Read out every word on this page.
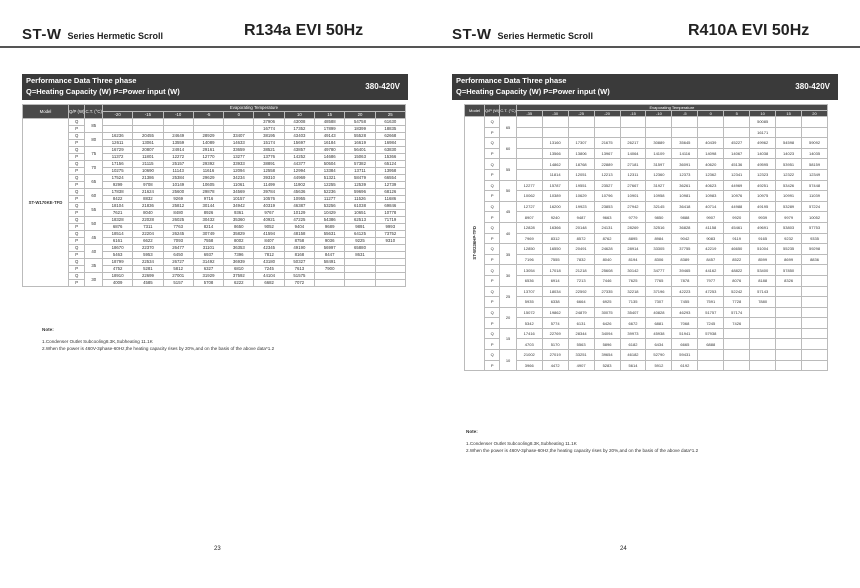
ST-W Series Hermetic Scroll	R134a EVI 50Hz
Performance Data Three phase
Q=Heating Capacity (W) P=Power input (W)
380-420V
Model	Q/P (W)	C.T. (°C)	Evaporating Temperature									
			-20	-15	-10	-5	0	5	10	15	20	25
ST-W170KE-TFD	Q	85						37906	43008	48588	54758	61630
	P							16774	17352	17899	18399	18835
	Q	80	16236	20455	24649	28929	33407	38195	43403	49143	55528	62668
	P		12611	13061	13559	14089	14633	15174	15697	16184	16619	16984
	Q	75	16729	20807	24914	29161	33659	38521	43857	49780	56401	63830
	P		11372	11801	12272	12770	13277	13776	14252	14686	15063	15366
	Q	70	17156	21115	25157	29392	33933	38891	44377	50504	57382	65124
	P		10275	10690	11143	11616	12094	12558	12994	13384	13711	13958
	Q	65	17524	21386	25384	29629	34234	39310	44969	51321	58479	66554
	P		9299	9708	10149	10605	11061	11499	11902	12255	12539	12739
	Q	60	17838	21624	25600	29878	34569	39784	45636	52236	59696	68126
	P		8422	8832	9269	9716	10157	10576	10955	11277	11526	11686
	Q	55	18104	21836	25812	30144	34942	40319	46387	53256	61038	69846
	P		7621	8040	8480	8926	9361	9767	10129	10429	10651	10778
	Q	50	18328	22028	26025	30432	35360	40921	47225	54386	62513	71719
	P		6876	7311	7763	8214	8650	9052	9404	9689	9891	9993
	Q	45	18514	22204	26245	30749	35829	41594	48158	55631	64125	73752
	P		6161	6622	7093	7558	8002	8407	8758	9036	9225	9310
	Q	40	18670	22370	26477	31101	36353	42345	49190	56997	65880	
	P		5463	5953	6450	6937	7396	7812	8168	8447	8631	
	Q	35	18799	22534	26727	31492	36939	43180	50327	58491		
	P		4752	5281	5812	6327	6810	7245	7613	7900		
	Q	30	18910	22699	27001	31929	37592	44104	51575			
	P		4009	4585	5157	5708	6222	6682	7072			
Note:
1.Condenser Outlet Subcooling8.3K,Subheating 11.1K
2.When the power is 460V-3phase-60Hz,the heating capacity rises by 20%,and on the basis of the above data*1.2
23
ST-W Series Hermetic Scroll	R410A EVI 50Hz
Performance Data Three phase
Q=Heating Capacity (W) P=Power input (W)
380-420V
Model	Q/P (W)	C.T. (°C)	Evaporating Temperature											
			-35	-30	-25	-20	-15	-10	-5	0	5	10	15	20
ST-W236HP-TFD	Q	65										50085		
	P											16171		
	Q	60		13160	17307	21675	26217	30889	35645	40439	45227	49962	54598	59092
	P			13566	13806	13967	14064	14109	14116	14098	14067	14038	14023	14035
	Q	55		14862	18768	22889	27181	31597	36091	40620	45136	49595	53951	58159
	P			11814	12051	12213	12311	12360	12373	12362	12341	12323	12322	12349
	Q	50	12277	15787	19551	23527	27667	31927	36261	40623	44969	49251	53426	57448
	P		10062	10389	10629	10796	10901	10958	10981	10983	10976	10975	10991	11039
	Q	45	12727	16200	19923	23853	27942	32145	36418	40714	44988	49195	53289	57224
	P		8907	9240	9487	9663	9779	9850	9888	9907	9920	9939	9979	10052
	Q	40	12828	16366	20148	24131	28269	32516	36828	41158	45461	49691	53803	57753
	P		7969	8312	8572	8762	8895	8984	9042	9083	9119	9165	9232	9335
	Q	35	12850	16550	20491	24628	28914	33305	37755	42219	46650	51004	55235	59298
	P		7196	7555	7832	8040	8194	8306	8389	8457	8522	8599	8699	8836
	Q	30	13054	17018	21218	25608	30142	34777	39465	44162	48822	53400	57850	
	P		6536	6914	7213	7446	7625	7765	7878	7977	8076	8188	8326	
	Q	25	13707	18034	22592	27335	32218	37196	42223	47253	52242	57143		
	P		5935	6338	6664	6925	7135	7307	7455	7591	7728	7880		
	Q	20	15072	19862	24879	30075	35407	40828	46293	51757	57174			
	P		5342	5774	6131	6426	6672	6881	7068	7245	7426			
	Q	15	17416	22769	28344	34094	39973	45938	51941	57938				
	P		4703	5170	5563	5896	6182	6434	6665	6888				
	Q	10	21002	27019	33251	39654	46182	52790	59431					
	P		3966	4472	4907	5283	5614	5912	6192					
Note:
1.Condenser Outlet Subcooling8.3K,Subheating 11.1K
2.When the power is 460V-3phase-60Hz,the heating capacity rises by 20%,and on the basis of the above data*1.2
24
